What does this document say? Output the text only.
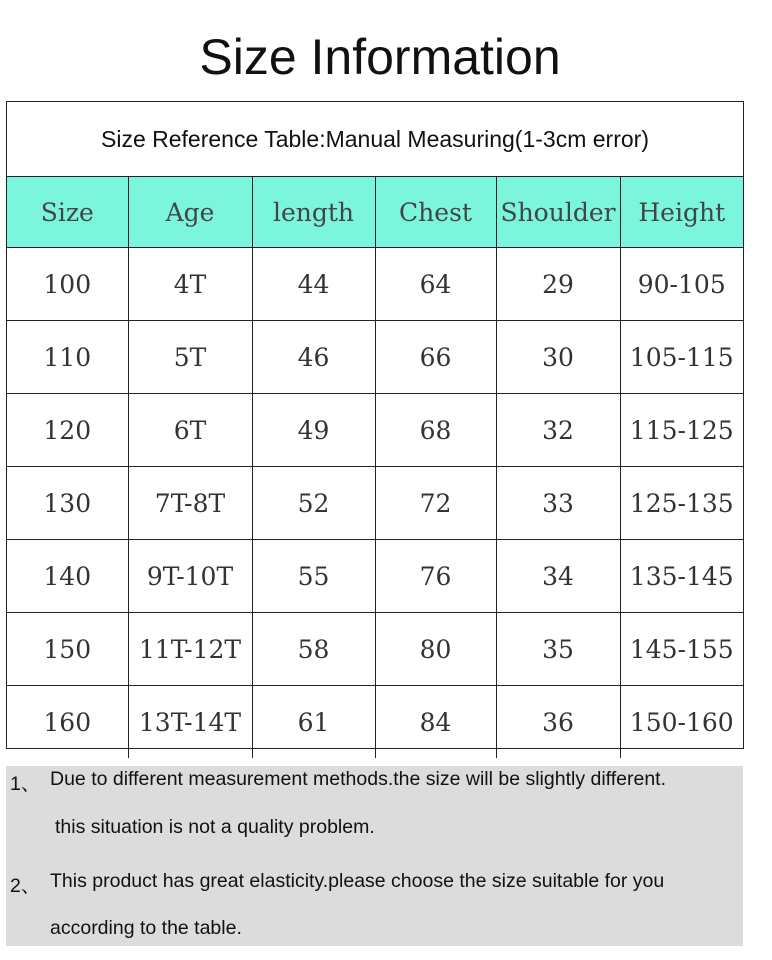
Size Information
Size Reference Table:Manual Measuring(1-3cm error)
Size	Age	length	Chest	Shoulder	Height
100	4T	44	64	29	90-105
110	5T	46	66	30	105-115
120	6T	49	68	32	115-125
130	7T-8T	52	72	33	125-135
140	9T-10T	55	76	34	135-145
150	11T-12T	58	80	35	145-155
160	13T-14T	61	84	36	150-160
1、 Due to different measurement methods.the size will be slightly different.
this situation is not a quality problem.
2、 This product has great elasticity.please choose the size suitable for you
according to the table.
